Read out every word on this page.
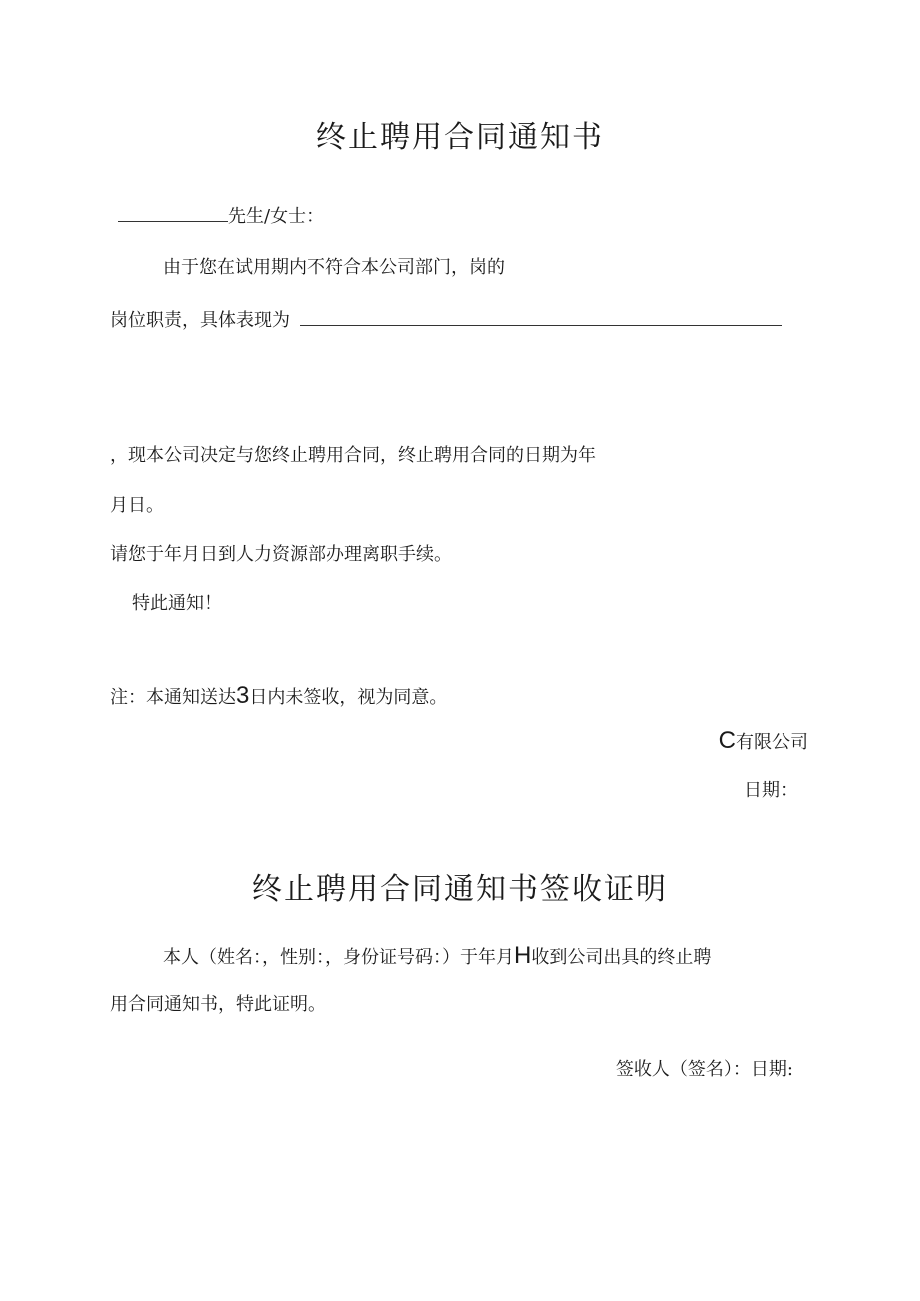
终止聘用合同通知书
先生/女士：
由于您在试用期内不符合本公司部门，岗的
岗位职责，具体表现为
，现本公司决定与您终止聘用合同，终止聘用合同的日期为年
月日。
请您于年月日到人力资源部办理离职手续。
特此通知！
注：本通知送达3日内未签收，视为同意。
C有限公司
日期：
终止聘用合同通知书签收证明
本人（姓名：，性别：，身份证号码：）于年月H收到公司出具的终止聘
用合同通知书，特此证明。
签收人（签名）：日期:
